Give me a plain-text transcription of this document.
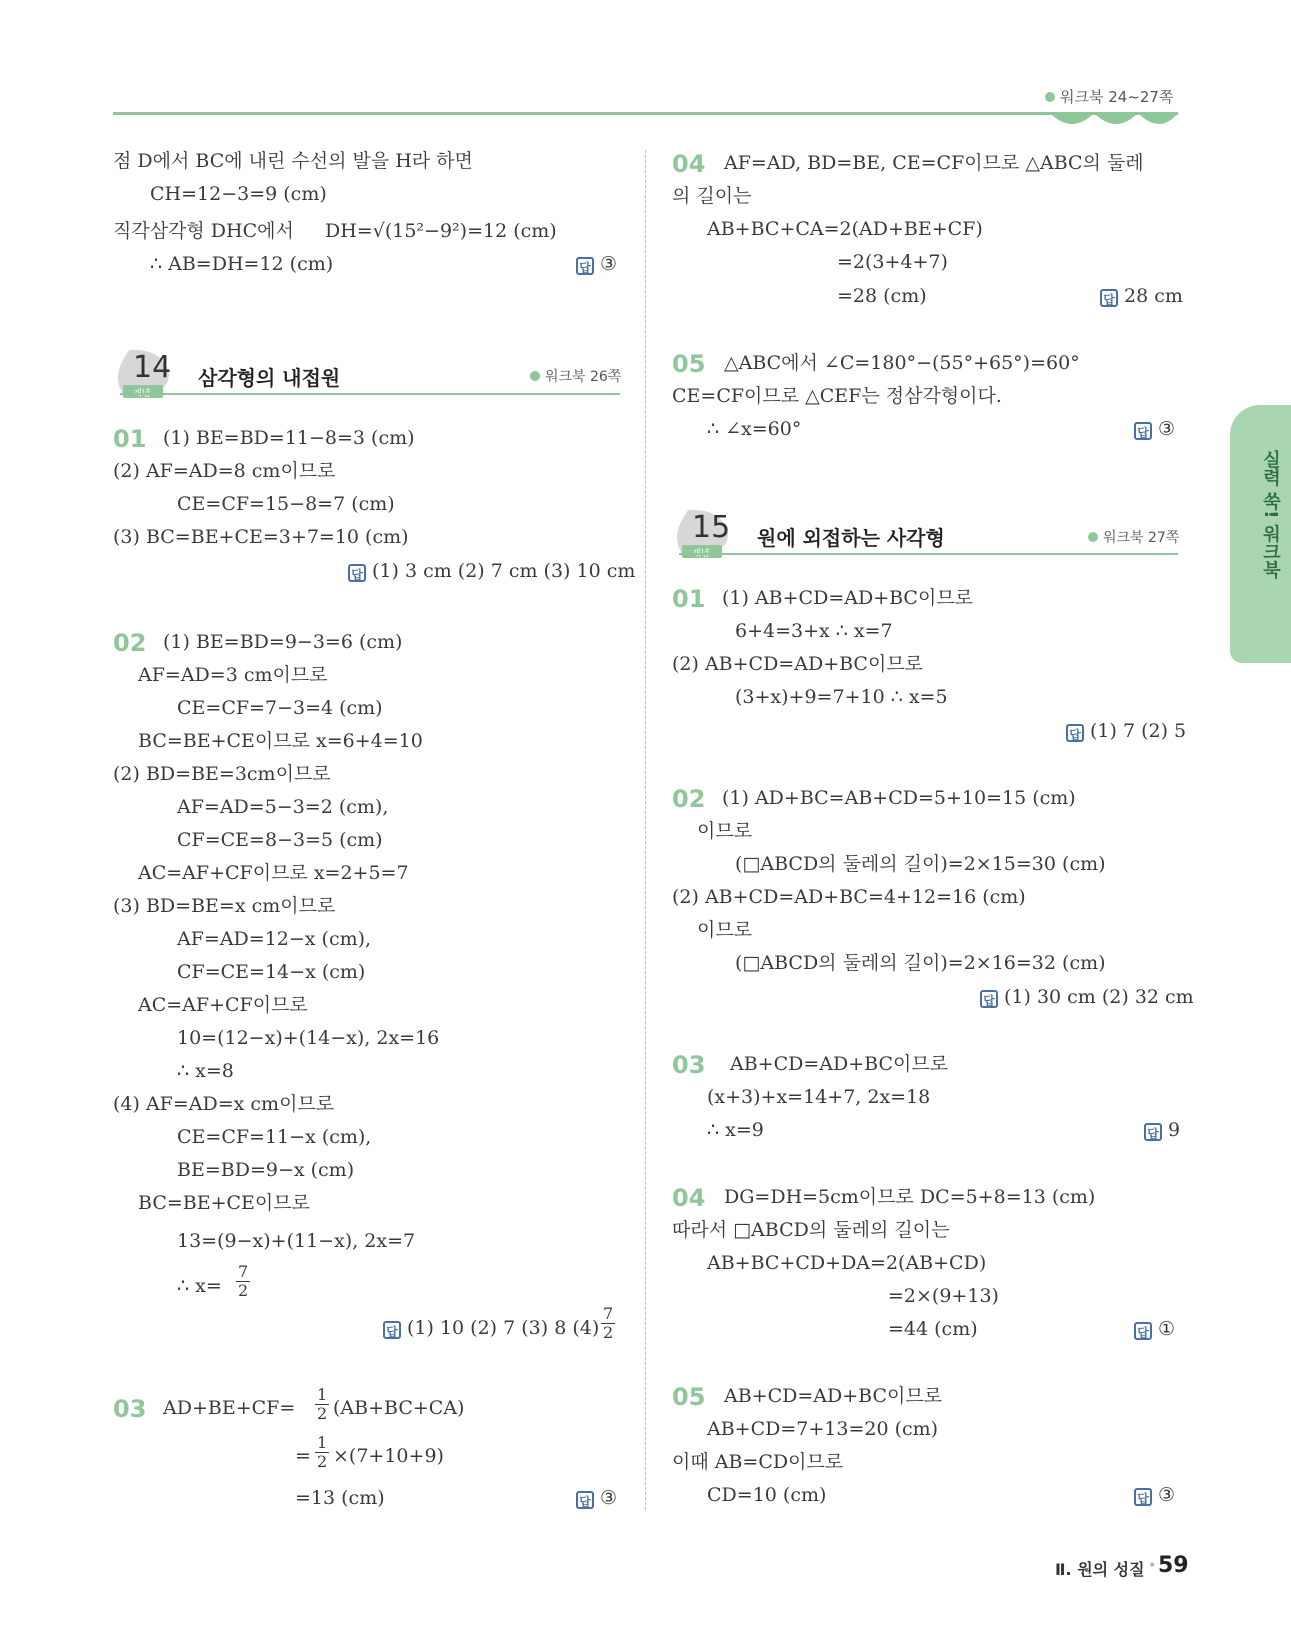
워크북 24~27쪽
실력 쑥! 워크북
점 D에서 BC에 내린 수선의 발을 H라 하면
CH=12−3=9 (cm)
직각삼각형 DHC에서 DH=√(15²−9²)=12 (cm)
∴ AB=DH=12 (cm)	답 ③
14 삼각형의 내접원	워크북 26쪽
01 (1) BE=BD=11−8=3 (cm)
(2) AF=AD=8 cm이므로
CE=CF=15−8=7 (cm)
(3) BC=BE+CE=3+7=10 (cm)
답 (1) 3 cm (2) 7 cm (3) 10 cm
02 (1) BE=BD=9−3=6 (cm)
AF=AD=3 cm이므로
CE=CF=7−3=4 (cm)
BC=BE+CE이므로 x=6+4=10
(2) BD=BE=3cm이므로
AF=AD=5−3=2 (cm),
CF=CE=8−3=5 (cm)
AC=AF+CF이므로 x=2+5=7
(3) BD=BE=x cm이므로
AF=AD=12−x (cm),
CF=CE=14−x (cm)
AC=AF+CF이므로
10=(12−x)+(14−x), 2x=16
∴ x=8
(4) AF=AD=x cm이므로
CE=CF=11−x (cm),
BE=BD=9−x (cm)
BC=BE+CE이므로
13=(9−x)+(11−x), 2x=7
∴ $x= \frac{7}{2}$
답 (1) 10 (2) 7 (3) 8 $(4) \frac{7}{2}$
03 $AD+BE+CF= \frac{1}{2} (AB+BC+CA)$
= $\frac{1}{2} \times(7+10+9)$
=13 (cm)	답 ③
04 AF=AD, BD=BE, CE=CF이므로 △ABC의 둘레
의 길이는
AB+BC+CA=2(AD+BE+CF)
=2(3+4+7)
=28 (cm)	답 28 cm
05 △ABC에서 ∠C=180°−(55°+65°)=60°
CE=CF이므로 △CEF는 정삼각형이다.
∴ ∠x=60°	답 ③
15 원에 외접하는 사각형	워크북 27쪽
01 (1) AB+CD=AD+BC이므로
6+4=3+x ∴ x=7
(2) AB+CD=AD+BC이므로
(3+x)+9=7+10 ∴ x=5
답 (1) 7 (2) 5
02 (1) AD+BC=AB+CD=5+10=15 (cm)
이므로
(□ABCD의 둘레의 길이)=2×15=30 (cm)
(2) AB+CD=AD+BC=4+12=16 (cm)
이므로
(□ABCD의 둘레의 길이)=2×16=32 (cm)
답 (1) 30 cm (2) 32 cm
03 AB+CD=AD+BC이므로
(x+3)+x=14+7, 2x=18
∴ x=9	답 9
04 DG=DH=5cm이므로 DC=5+8=13 (cm)
따라서 □ABCD의 둘레의 길이는
AB+BC+CD+DA=2(AB+CD)
=2×(9+13)
=44 (cm)	답 ①
05 AB+CD=AD+BC이므로
AB+CD=7+13=20 (cm)
이때 AB=CD이므로
CD=10 (cm)	답 ③
Ⅱ. 원의 성질 • 59
